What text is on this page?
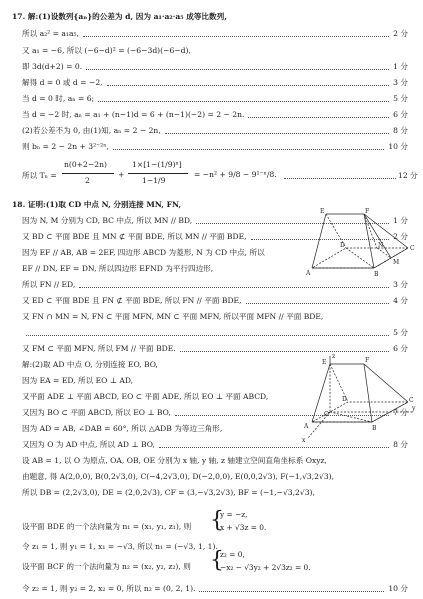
17. 解:(1)设数列{aₙ}的公差为 d, 因为 a₁·a₂·a₅ 成等比数列,
所以 a₂² = a₁a₅,	2 分
又 a₁ = −6, 所以 (−6−d)² = (−6−3d)(−6−d),
即 3d(d+2) = 0.	1 分
解得 d = 0 或 d = −2,	3 分
当 d = 0 时, aₙ = 6;	5 分
当 d = −2 时, aₙ = a₁ + (n−1)d = 6 + (n−1)(−2) = 2 − 2n.	6 分
(2)若公差不为 0, 由(1)知, aₙ = 2 − 2n,	8 分
则 bₙ = 2 − 2n + 3²⁻²ⁿ,	10 分
18. 证明:(1)取 CD 中点 N, 分别连接 MN, FN,
因为 N, M 分别为 CD, BC 中点, 所以 MN // BD,	1 分
又 BD ⊂ 平面 BDE 且 MN ⊄ 平面 BDE, 所以 MN // 平面 BDE,	2 分
因为 EF // AB, AB = 2EF, 四边形 ABCD 为菱形, N 为 CD 中点, 所以
EF // DN, EF = DN, 所以四边形 EFND 为平行四边形,
所以 FN // ED,	3 分
又 ED ⊂ 平面 BDE 且 FN ⊄ 平面 BDE, 所以 FN // 平面 BDE,	4 分
又 FN ∩ MN = N, FN ⊂ 平面 MFN, MN ⊂ 平面 MFN, 所以平面 MFN // 平面 BDE,
5 分
又 FM ⊂ 平面 MFN, 所以 FM // 平面 BDE.	6 分
解:(2)取 AD 中点 O, 分别连接 EO, BO,
因为 EA = ED, 所以 EO ⊥ AD,
又平面 ADE ⊥ 平面 ABCD, EO ⊂ 平面 ADE, 所以 EO ⊥ 平面 ABCD,
又因为 BO ⊂ 平面 ABCD, 所以 EO ⊥ BO,	7 分
因为 AD = AB, ∠DAB = 60°, 所以 △ADB 为等边三角形,
又因为 O 为 AD 中点, 所以 AD ⊥ BO,	8 分
设 AB = 1, 以 O 为原点, OA, OB, OE 分别为 x 轴, y 轴, z 轴建立空间直角坐标系 Oxyz,
由题意, 得 A(2,0,0), B(0,2√3,0), C(−4,2√3,0), D(−2,0,0), E(0,0,2√3), F(−1,√3,2√3),
所以 DB = (2,2√3,0), DE = (2,0,2√3), CF = (3,−√3,2√3), BF = (−1,−√3,2√3),
设平面 BDE 的一个法向量为 n₁ = (x₁, y₁, z₁), 则
令 z₁ = 1, 则 y₁ = 1, x₁ = −√3, 所以 n₁ = (−√3, 1, 1).
设平面 BCF 的一个法向量为 n₂ = (x₂, y₂, z₂), 则
令 z₂ = 1, 则 y₂ = 2, x₂ = 0, 所以 n₂ = (0, 2, 1).	10 分
所以 Tₙ =
n(0+2−2n)
2
+
1×[1−(1/9)ⁿ]
1−1/9
= −n² + 9/8 − 9¹⁻ⁿ/8.	12 分
{
y = −z,
x + √3z = 0.
{
z₂ = 0,
−x₂ − √3y₂ + 2√3z₂ = 0.
E	F
D	N	C
A	B
M
z
E	F
D	C
O
y
A	B
x
